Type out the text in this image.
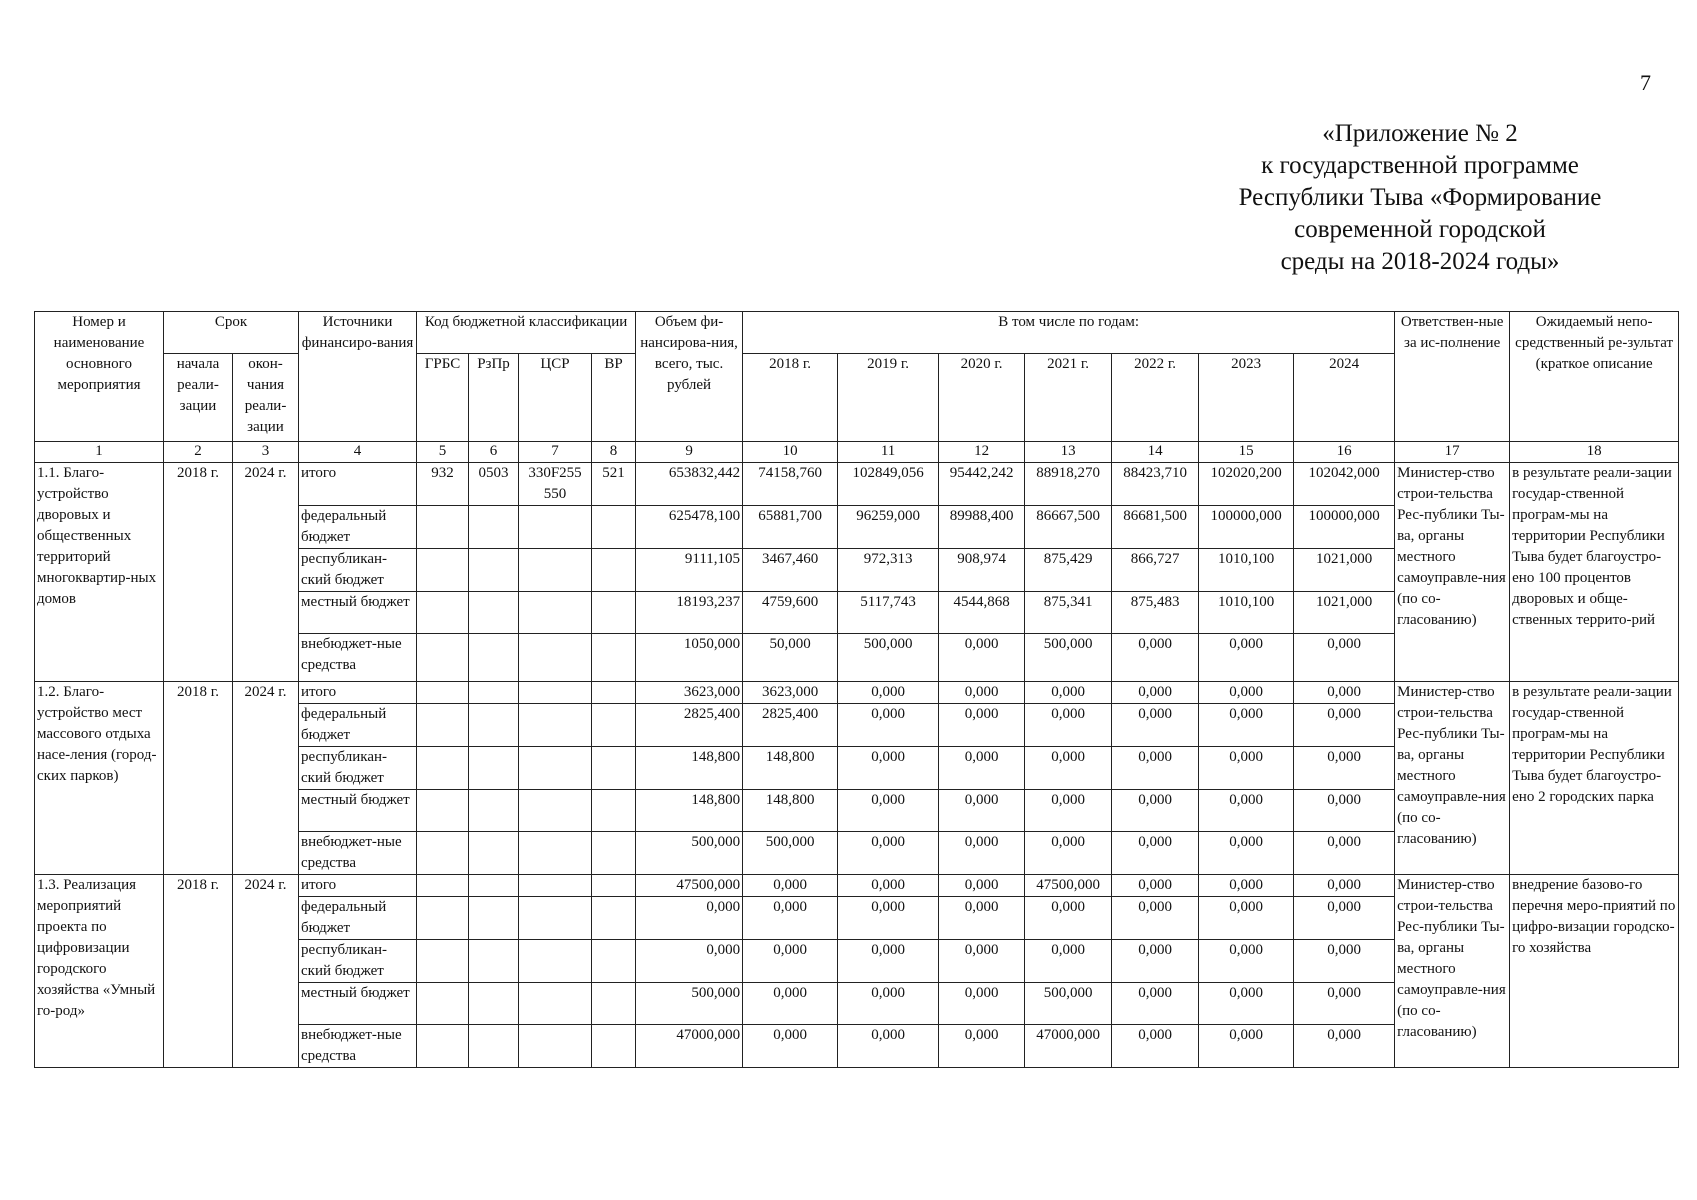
7
«Приложение № 2
к государственной программе
Республики Тыва «Формирование
современной городской
среды на 2018-2024 годы»
Номер и наименование основного мероприятия	Срок		Источники финансиро-вания	Код бюджетной классификации				Объем фи-нансирова-ния, всего, тыс. рублей	В том числе по годам:							Ответствен-ные за ис-полнение	Ожидаемый непо-средственный ре-зультат (краткое описание
	начала реали-зации	окон-чания реали-зации		ГРБС	РзПр	ЦСР	ВР		2018 г.	2019 г.	2020 г.	2021 г.	2022 г.	2023	2024		
1	2	3	4	5	6	7	8	9	10	11	12	13	14	15	16	17	18
1.1. Благо-устройство дворовых и общественных территорий многоквартир-ных домов	2018 г.	2024 г.	итого	932	0503	330F255 550	521	653832,442	74158,760	102849,056	95442,242	88918,270	88423,710	102020,200	102042,000	Министер-ство строи-тельства Рес-публики Ты-ва, органы местного самоуправле-ния (по со-гласованию)	в результате реали-зации государ-ственной програм-мы на территории Республики Тыва будет благоустро-ено 100 процентов дворовых и обще-ственных террито-рий
			федеральный бюджет					625478,100	65881,700	96259,000	89988,400	86667,500	86681,500	100000,000	100000,000		
			республикан-ский бюджет					9111,105	3467,460	972,313	908,974	875,429	866,727	1010,100	1021,000		
			местный бюджет					18193,237	4759,600	5117,743	4544,868	875,341	875,483	1010,100	1021,000		
			внебюджет-ные средства					1050,000	50,000	500,000	0,000	500,000	0,000	0,000	0,000		
1.2. Благо-устройство мест массового отдыха насе-ления (город-ских парков)	2018 г.	2024 г.	итого					3623,000	3623,000	0,000	0,000	0,000	0,000	0,000	0,000	Министер-ство строи-тельства Рес-публики Ты-ва, органы местного самоуправле-ния (по со-гласованию)	в результате реали-зации государ-ственной програм-мы на территории Республики Тыва будет благоустро-ено 2 городских парка
			федеральный бюджет					2825,400	2825,400	0,000	0,000	0,000	0,000	0,000	0,000		
			республикан-ский бюджет					148,800	148,800	0,000	0,000	0,000	0,000	0,000	0,000		
			местный бюджет					148,800	148,800	0,000	0,000	0,000	0,000	0,000	0,000		
			внебюджет-ные средства					500,000	500,000	0,000	0,000	0,000	0,000	0,000	0,000		
1.3. Реализация мероприятий проекта по цифровизации городского хозяйства «Умный го-род»	2018 г.	2024 г.	итого					47500,000	0,000	0,000	0,000	47500,000	0,000	0,000	0,000	Министер-ство строи-тельства Рес-публики Ты-ва, органы местного самоуправле-ния (по со-гласованию)	внедрение базово-го перечня меро-приятий по цифро-визации городско-го хозяйства
			федеральный бюджет					0,000	0,000	0,000	0,000	0,000	0,000	0,000	0,000		
			республикан-ский бюджет					0,000	0,000	0,000	0,000	0,000	0,000	0,000	0,000		
			местный бюджет					500,000	0,000	0,000	0,000	500,000	0,000	0,000	0,000		
			внебюджет-ные средства					47000,000	0,000	0,000	0,000	47000,000	0,000	0,000	0,000		
